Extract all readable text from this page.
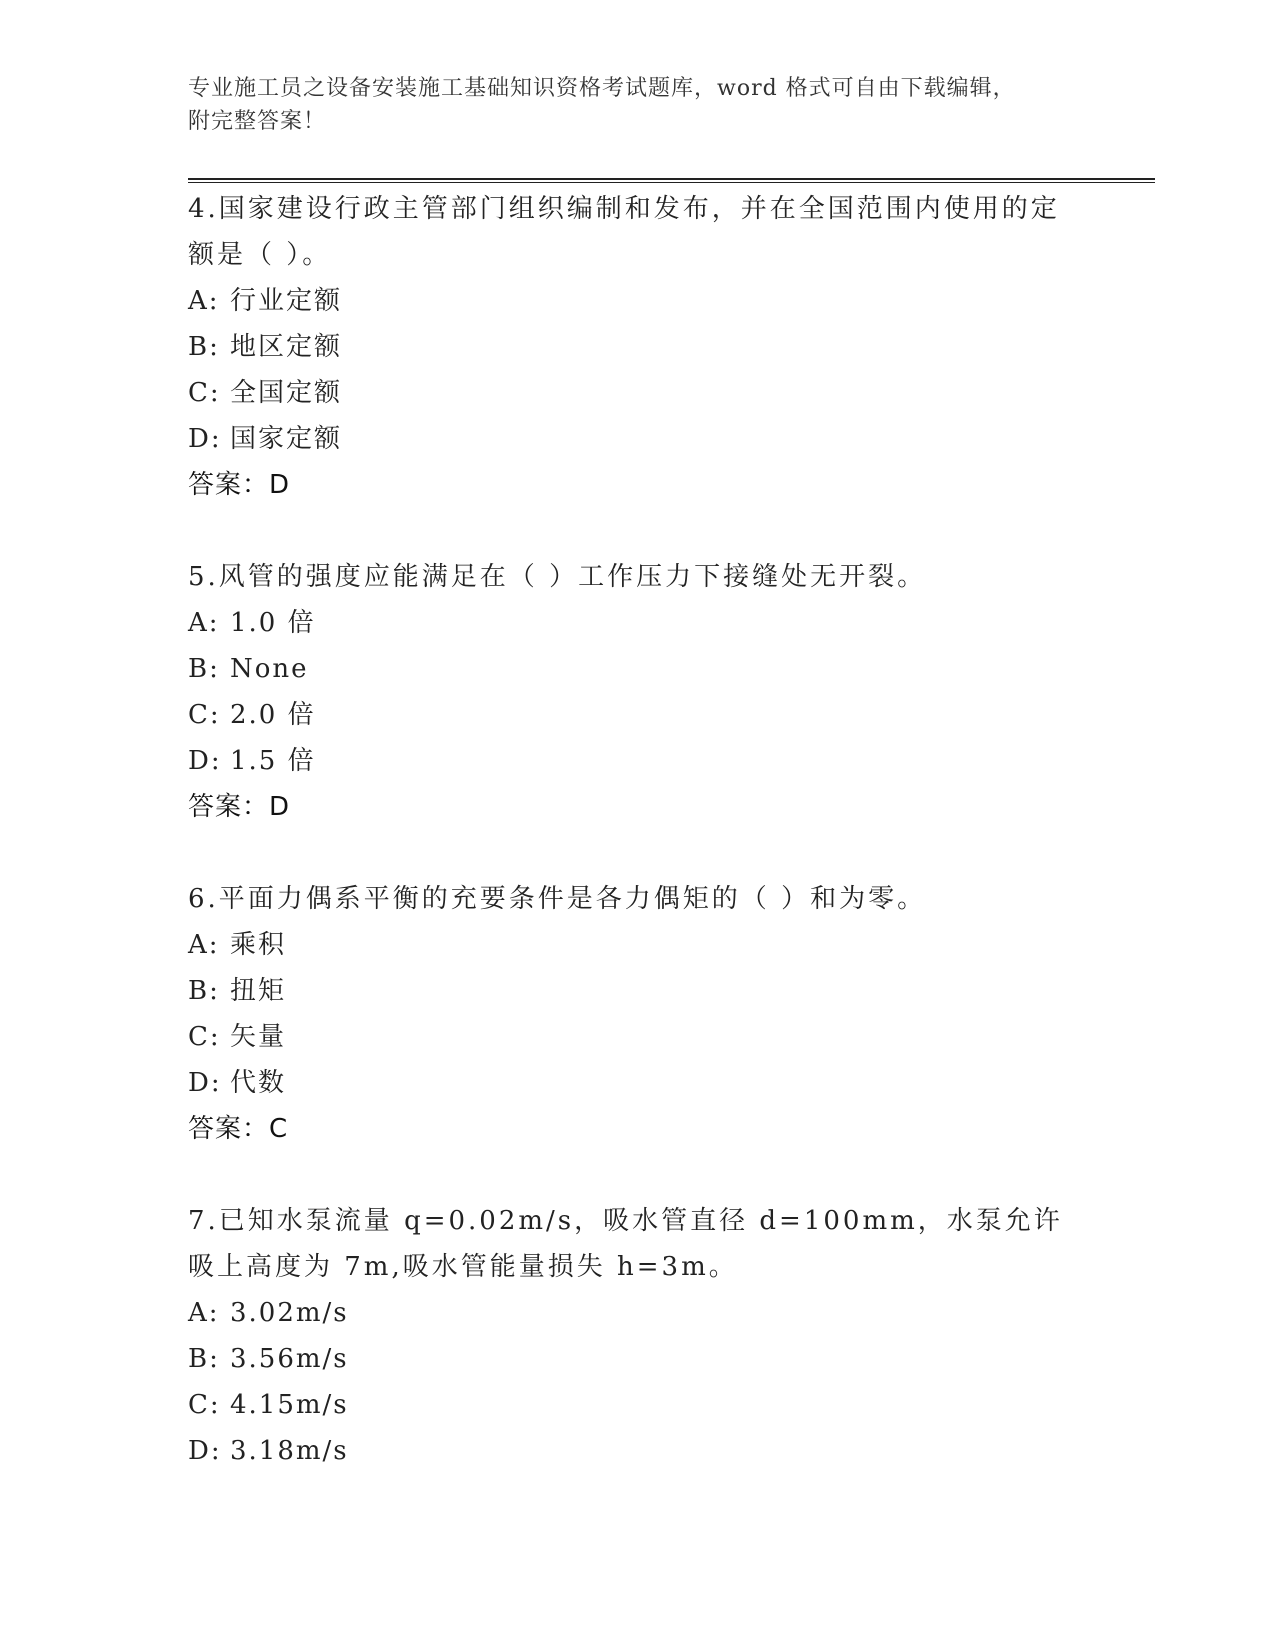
专业施工员之设备安装施工基础知识资格考试题库，word 格式可自由下载编辑，
附完整答案！

4.国家建设行政主管部门组织编制和发布，并在全国范围内使用的定额是（ ）。

A: 行业定额

B: 地区定额

C: 全国定额

D: 国家定额

答案：D

5.风管的强度应能满足在（ ）工作压力下接缝处无开裂。

A: 1.0 倍

B: None

C: 2.0 倍

D: 1.5 倍

答案：D

6.平面力偶系平衡的充要条件是各力偶矩的（ ）和为零。

A: 乘积

B: 扭矩

C: 矢量

D: 代数

答案：C

7.已知水泵流量 q=0.02m/s，吸水管直径 d=100mm，水泵允许吸上高度为 7m,吸水管能量损失 h=3m。

A: 3.02m/s

B: 3.56m/s

C: 4.15m/s

D: 3.18m/s
